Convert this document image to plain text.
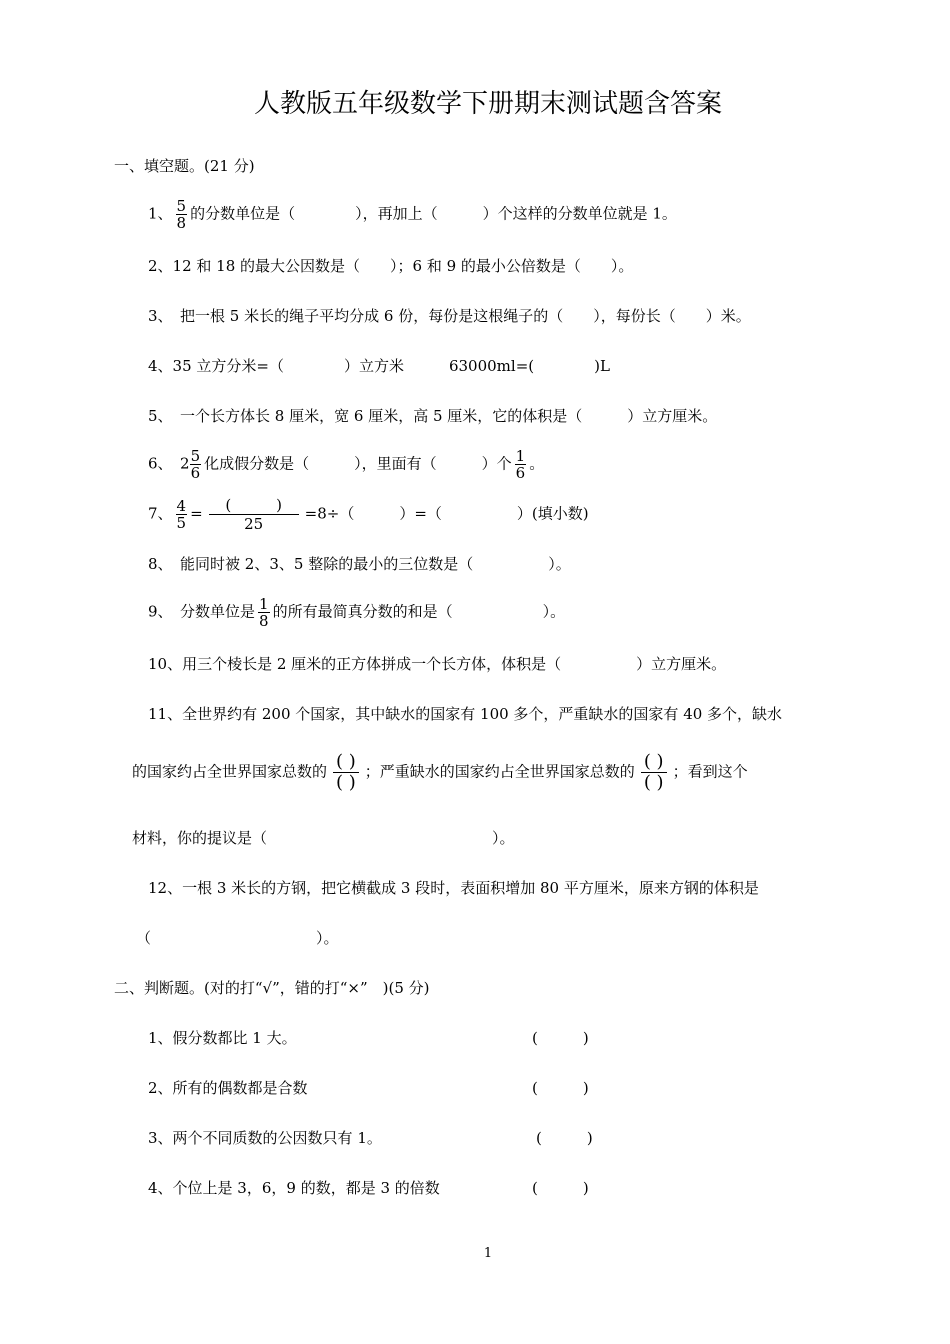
人教版五年级数学下册期末测试题含答案
一、填空题。(21 分)
1、 $\frac{5}{8}$ 的分数单位是（　　　　），再加上（　　　）个这样的分数单位就是 1。
2、12 和 18 的最大公因数是（　　）；6 和 9 的最小公倍数是（　　）。
3、　把一根 5 米长的绳子平均分成 6 份，每份是这根绳子的（　　），每份长（　　）米。
4、35 立方分米=（　　　　）立方米　　　63000ml=(　　　　)L
5、　一个长方体长 8 厘米，宽 6 厘米，高 5 厘米，它的体积是（　　　）立方厘米。
6、　$2 \frac{5}{6}$ 化成假分数是（　　　），里面有（　　　）个 $\frac{1}{6}$ 。
7、 $\frac{4}{5} = \frac{( )}{25} =8\div$（　　　）=（　　　　　）(填小数)
8、　能同时被 2、3、5 整除的最小的三位数是（　　　　　）。
9、　分数单位是 $\frac{1}{8}$ 的所有最简真分数的和是（　　　　　　）。
10、用三个棱长是 2 厘米的正方体拼成一个长方体，体积是（　　　　　）立方厘米。
11、全世界约有 200 个国家，其中缺水的国家有 100 多个，严重缺水的国家有 40 多个，缺水
的国家约占全世界国家总数的 $\frac{( )}{( )}$ ；严重缺水的国家约占全世界国家总数的 $\frac{( )}{( )}$ ；看到这个
材料，你的提议是（　　　　　　　　　　　　　　　）。
12、一根 3 米长的方钢，把它横截成 3 段时，表面积增加 80 平方厘米，原来方钢的体积是
（　　　　　　　　　　　）。
二、判断题。(对的打“√”，错的打“×”　)(5 分)
1、假分数都比 1 大。	(　　　)
2、所有的偶数都是合数	(　　　)
3、两个不同质数的公因数只有 1。	(　　　)
4、个位上是 3，6，9 的数，都是 3 的倍数	(　　　)
1
